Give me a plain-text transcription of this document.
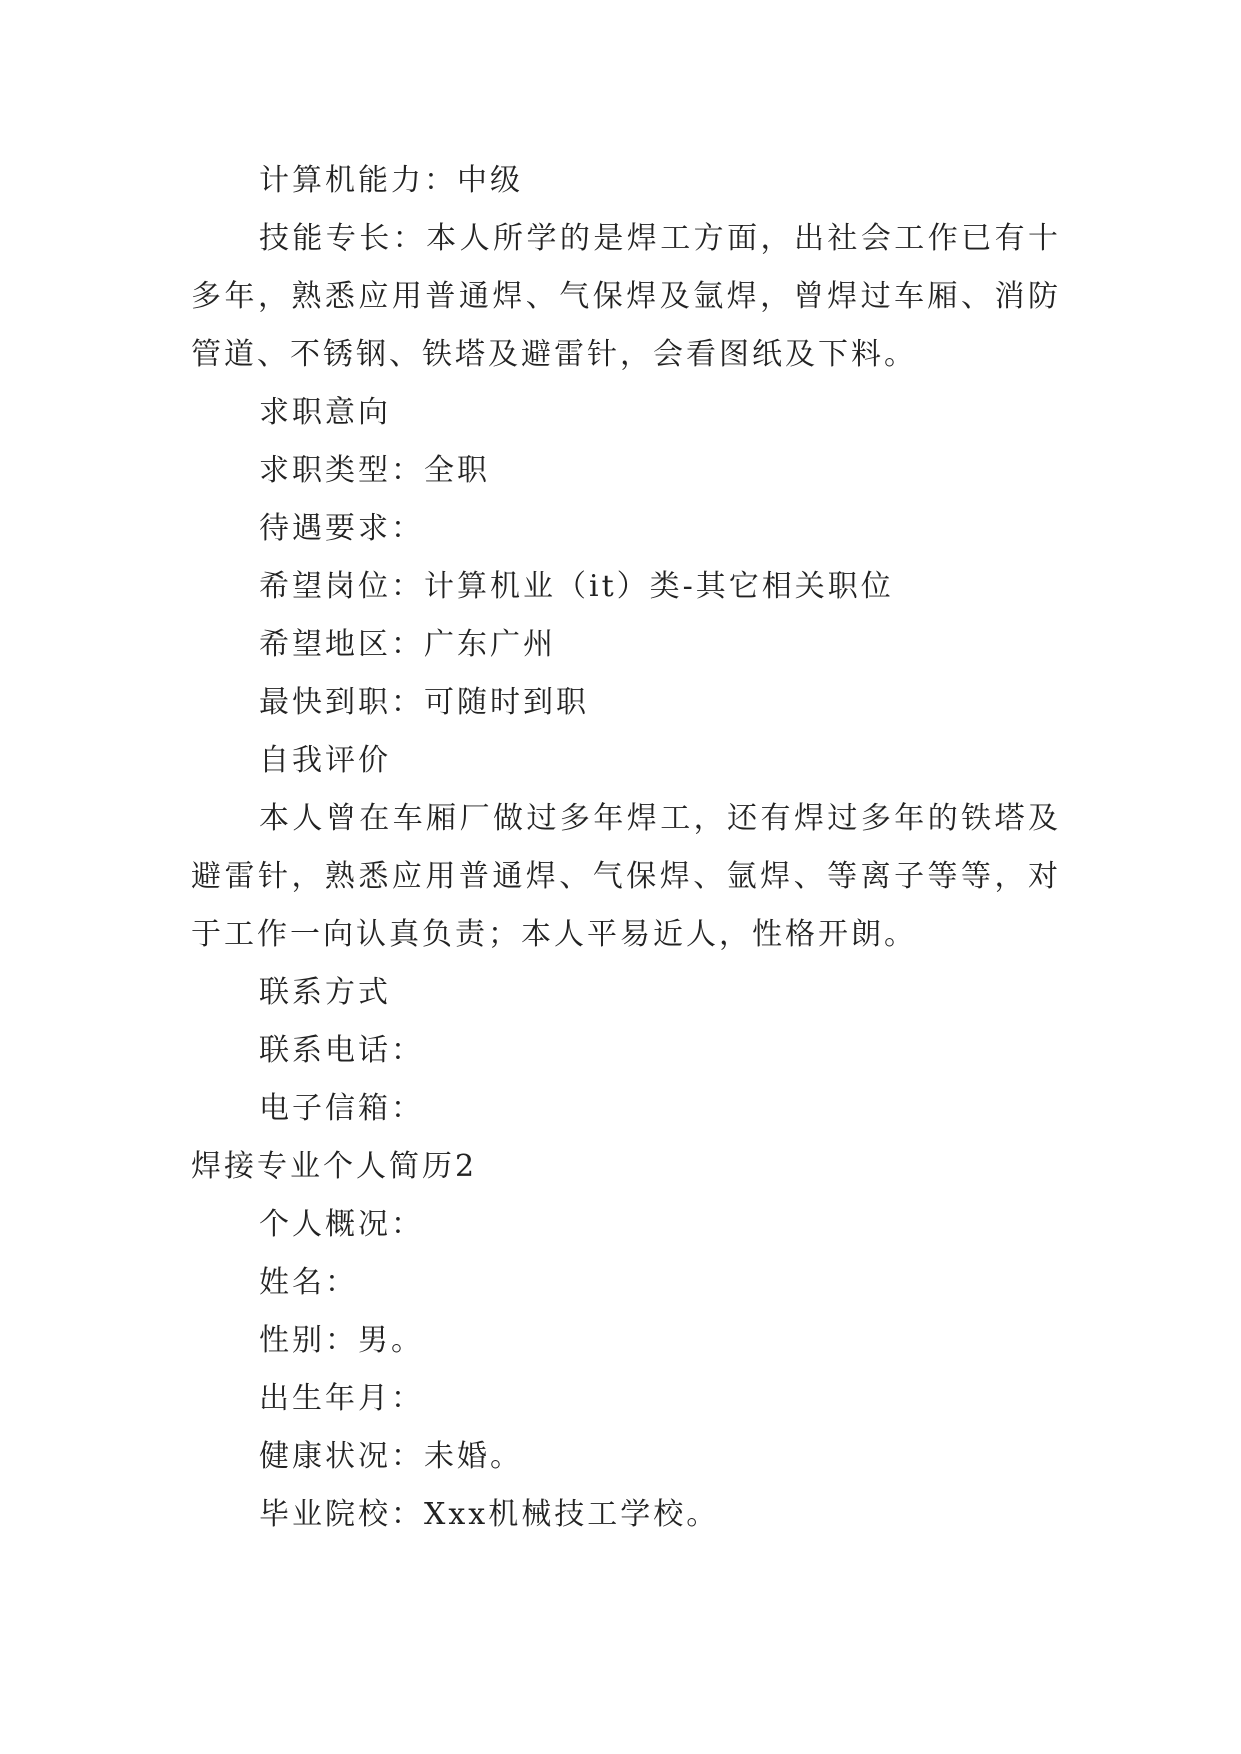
计算机能力：中级

技能专长：本人所学的是焊工方面，出社会工作已有十多年，熟悉应用普通焊、气保焊及氩焊，曾焊过车厢、消防管道、不锈钢、铁塔及避雷针，会看图纸及下料。

求职意向

求职类型：全职

待遇要求：

希望岗位：计算机业（it）类-其它相关职位

希望地区：广东广州

最快到职：可随时到职

自我评价

本人曾在车厢厂做过多年焊工，还有焊过多年的铁塔及避雷针，熟悉应用普通焊、气保焊、氩焊、等离子等等，对于工作一向认真负责；本人平易近人，性格开朗。

联系方式

联系电话：

电子信箱：

焊接专业个人简历2

个人概况：

姓名：

性别：男。

出生年月：

健康状况：未婚。

毕业院校：Xxx机械技工学校。
